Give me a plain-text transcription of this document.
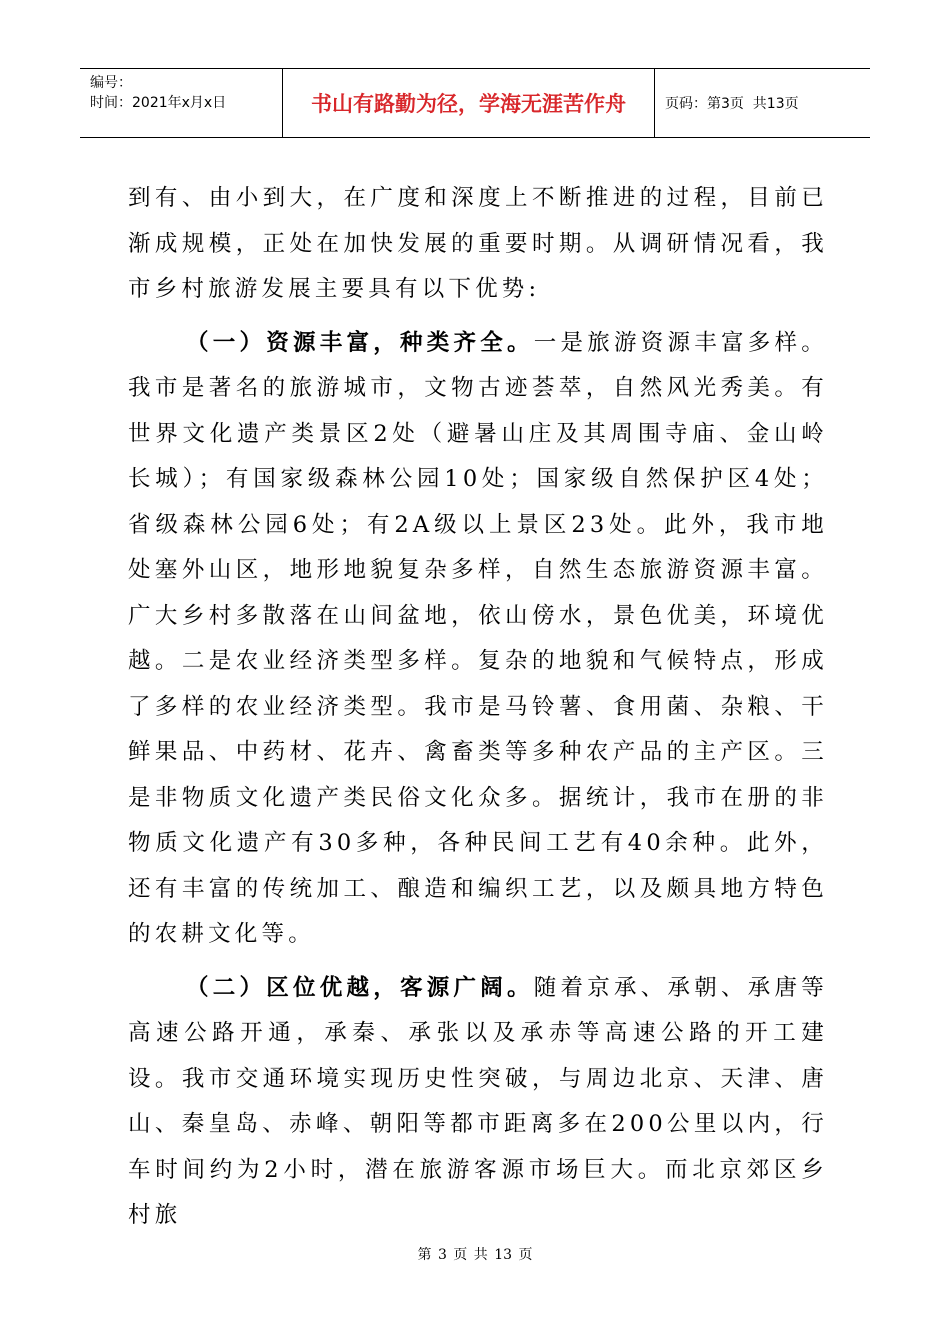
编号：
时间：2021年x月x日	书山有路勤为径，学海无涯苦作舟	页码：第3页  共13页

到有、由小到大，在广度和深度上不断推进的过程，目前已渐成规模，正处在加快发展的重要时期。从调研情况看，我市乡村旅游发展主要具有以下优势:

（一）资源丰富，种类齐全。一是旅游资源丰富多样。我市是著名的旅游城市，文物古迹荟萃，自然风光秀美。有世界文化遗产类景区2处（避暑山庄及其周围寺庙、金山岭长城）；有国家级森林公园10处；国家级自然保护区4处；省级森林公园6处；有2A级以上景区23处。此外，我市地处塞外山区，地形地貌复杂多样，自然生态旅游资源丰富。广大乡村多散落在山间盆地，依山傍水，景色优美，环境优越。二是农业经济类型多样。复杂的地貌和气候特点，形成了多样的农业经济类型。我市是马铃薯、食用菌、杂粮、干鲜果品、中药材、花卉、禽畜类等多种农产品的主产区。三是非物质文化遗产类民俗文化众多。据统计，我市在册的非物质文化遗产有30多种，各种民间工艺有40余种。此外，还有丰富的传统加工、酿造和编织工艺，以及颇具地方特色的农耕文化等。

（二）区位优越，客源广阔。随着京承、承朝、承唐等高速公路开通，承秦、承张以及承赤等高速公路的开工建设。我市交通环境实现历史性突破，与周边北京、天津、唐山、秦皇岛、赤峰、朝阳等都市距离多在200公里以内，行车时间约为2小时，潜在旅游客源市场巨大。而北京郊区乡村旅

第 3 页 共 13 页
